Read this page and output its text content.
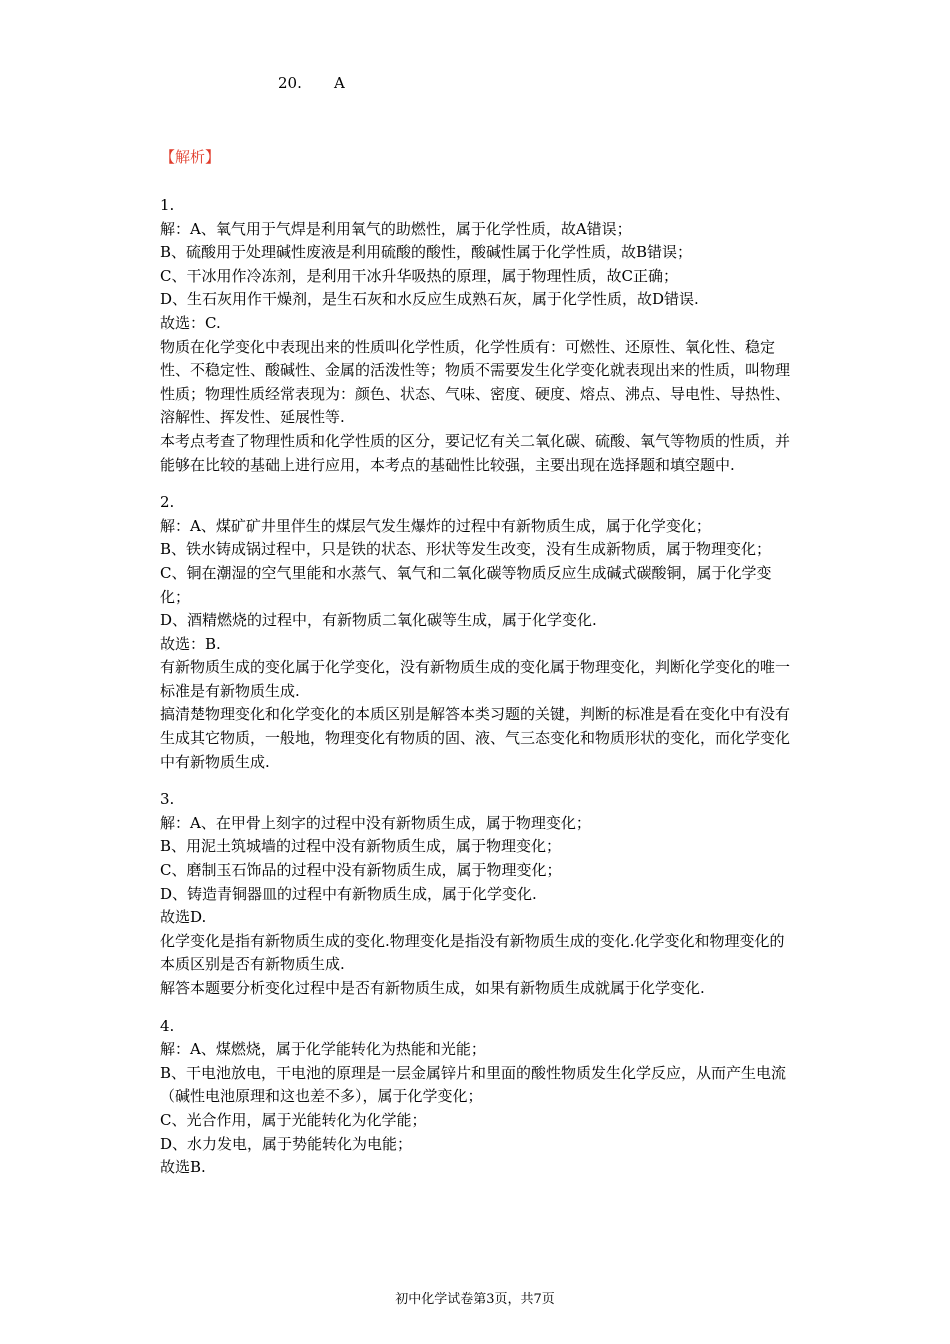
20. A
【解析】

1.

解：A、氧气用于气焊是利用氧气的助燃性，属于化学性质，故A错误；

B、硫酸用于处理碱性废液是利用硫酸的酸性，酸碱性属于化学性质，故B错误；

C、干冰用作冷冻剂，是利用干冰升华吸热的原理，属于物理性质，故C正确；

D、生石灰用作干燥剂，是生石灰和水反应生成熟石灰，属于化学性质，故D错误.

故选：C.

物质在化学变化中表现出来的性质叫化学性质，化学性质有：可燃性、还原性、氧化性、稳定性、不稳定性、酸碱性、金属的活泼性等；物质不需要发生化学变化就表现出来的性质，叫物理性质；物理性质经常表现为：颜色、状态、气味、密度、硬度、熔点、沸点、导电性、导热性、溶解性、挥发性、延展性等.

本考点考查了物理性质和化学性质的区分，要记忆有关二氧化碳、硫酸、氧气等物质的性质，并能够在比较的基础上进行应用，本考点的基础性比较强，主要出现在选择题和填空题中.

2.

解：A、煤矿矿井里伴生的煤层气发生爆炸的过程中有新物质生成，属于化学变化；

B、铁水铸成锅过程中，只是铁的状态、形状等发生改变，没有生成新物质，属于物理变化；

C、铜在潮湿的空气里能和水蒸气、氧气和二氧化碳等物质反应生成碱式碳酸铜，属于化学变化；

D、酒精燃烧的过程中，有新物质二氧化碳等生成，属于化学变化.

故选：B.

有新物质生成的变化属于化学变化，没有新物质生成的变化属于物理变化，判断化学变化的唯一标准是有新物质生成.

搞清楚物理变化和化学变化的本质区别是解答本类习题的关键，判断的标准是看在变化中有没有生成其它物质，一般地，物理变化有物质的固、液、气三态变化和物质形状的变化，而化学变化中有新物质生成.

3.

解：A、在甲骨上刻字的过程中没有新物质生成，属于物理变化；

B、用泥土筑城墙的过程中没有新物质生成，属于物理变化；

C、磨制玉石饰品的过程中没有新物质生成，属于物理变化；

D、铸造青铜器皿的过程中有新物质生成，属于化学变化.

故选D.

化学变化是指有新物质生成的变化.物理变化是指没有新物质生成的变化.化学变化和物理变化的本质区别是否有新物质生成.

解答本题要分析变化过程中是否有新物质生成，如果有新物质生成就属于化学变化.

4.

解：A、煤燃烧，属于化学能转化为热能和光能；

B、干电池放电，干电池的原理是一层金属锌片和里面的酸性物质发生化学反应，从而产生电流（碱性电池原理和这也差不多），属于化学变化；

C、光合作用，属于光能转化为化学能；

D、水力发电，属于势能转化为电能；

故选B.

初中化学试卷第3页，共7页
